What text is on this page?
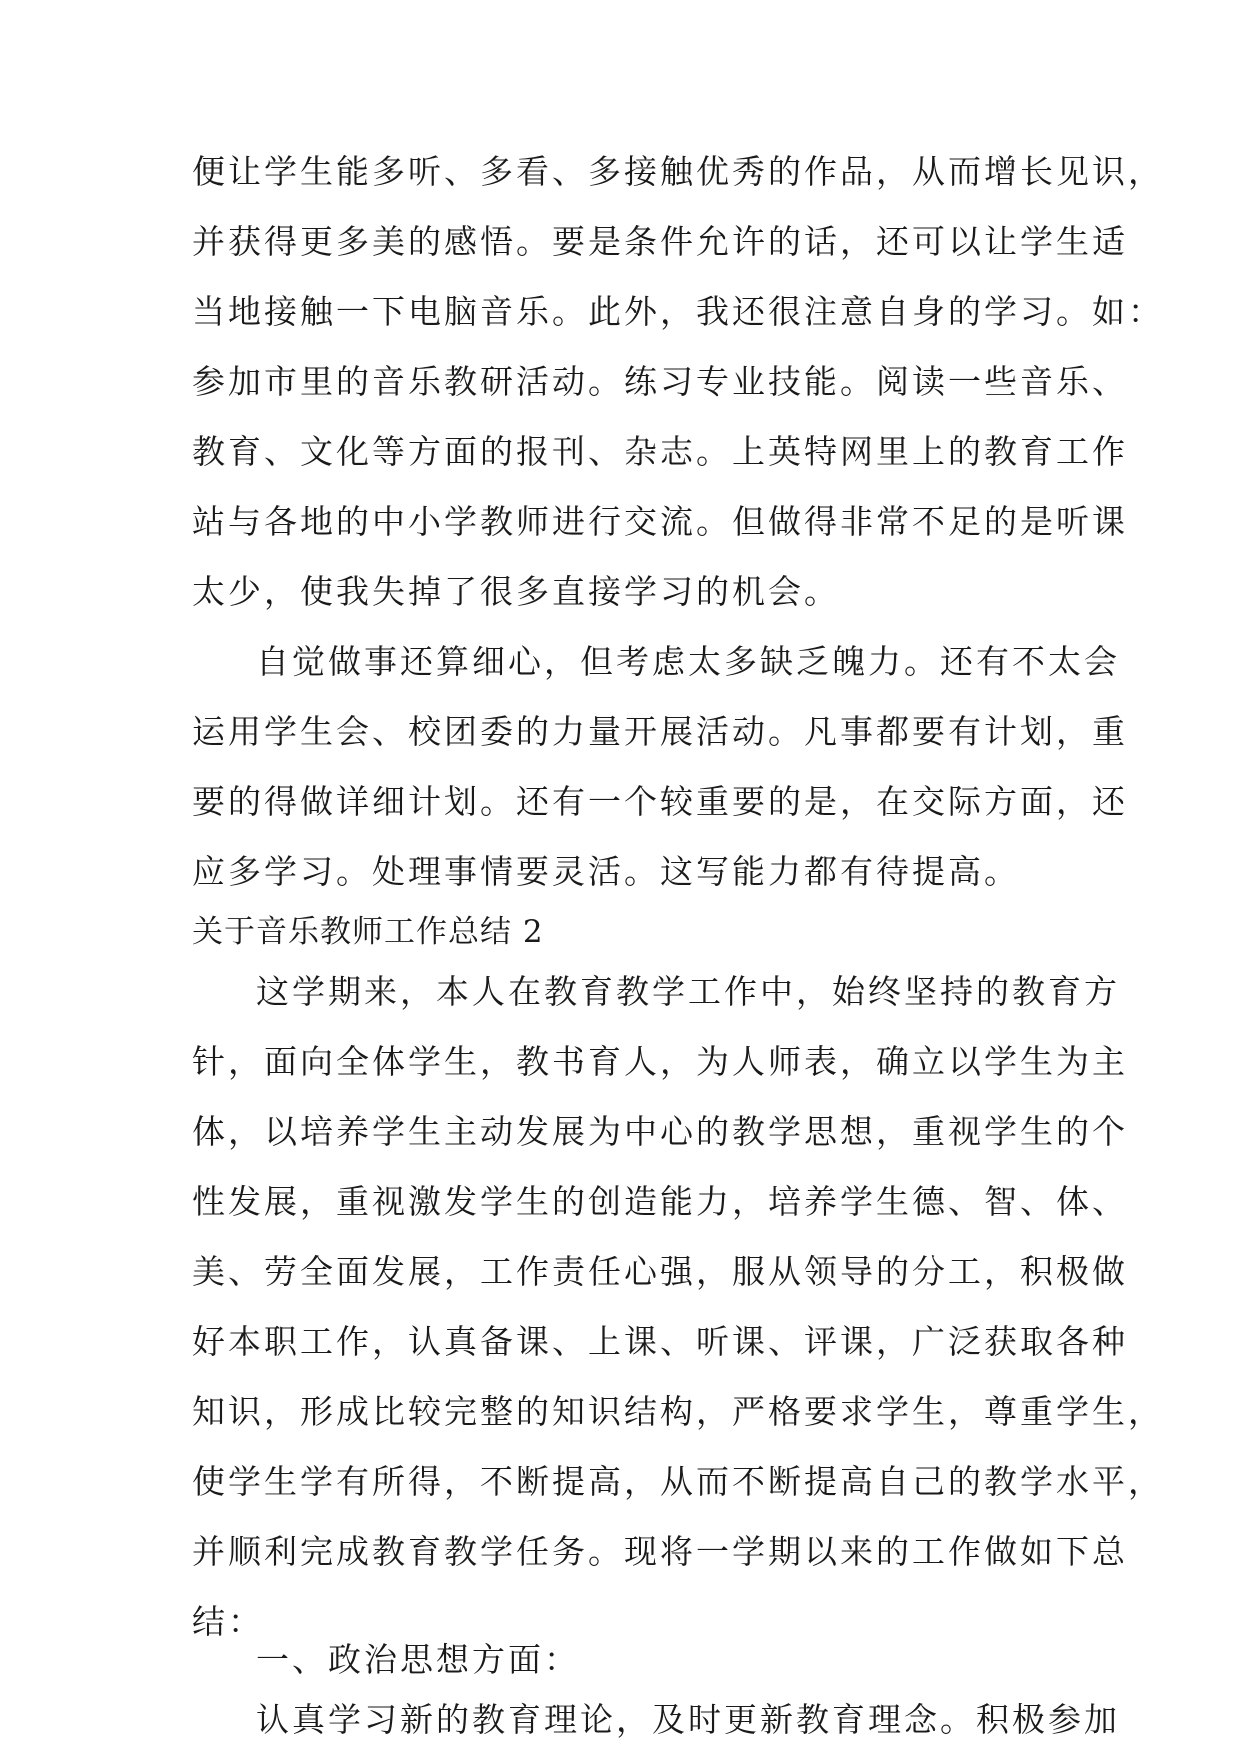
便让学生能多听、多看、多接触优秀的作品，从而增长见识，
并获得更多美的感悟。要是条件允许的话，还可以让学生适
当地接触一下电脑音乐。此外，我还很注意自身的学习。如：
参加市里的音乐教研活动。练习专业技能。阅读一些音乐、
教育、文化等方面的报刊、杂志。上英特网里上的教育工作
站与各地的中小学教师进行交流。但做得非常不足的是听课
太少，使我失掉了很多直接学习的机会。
自觉做事还算细心，但考虑太多缺乏魄力。还有不太会
运用学生会、校团委的力量开展活动。凡事都要有计划，重
要的得做详细计划。还有一个较重要的是，在交际方面，还
应多学习。处理事情要灵活。这写能力都有待提高。
关于音乐教师工作总结 2
这学期来，本人在教育教学工作中，始终坚持的教育方
针，面向全体学生，教书育人，为人师表，确立以学生为主
体，以培养学生主动发展为中心的教学思想，重视学生的个
性发展，重视激发学生的创造能力，培养学生德、智、体、
美、劳全面发展，工作责任心强，服从领导的分工，积极做
好本职工作，认真备课、上课、听课、评课，广泛获取各种
知识，形成比较完整的知识结构，严格要求学生，尊重学生，
使学生学有所得，不断提高，从而不断提高自己的教学水平，
并顺利完成教育教学任务。现将一学期以来的工作做如下总
结：
一、政治思想方面：
认真学习新的教育理论，及时更新教育理念。积极参加
